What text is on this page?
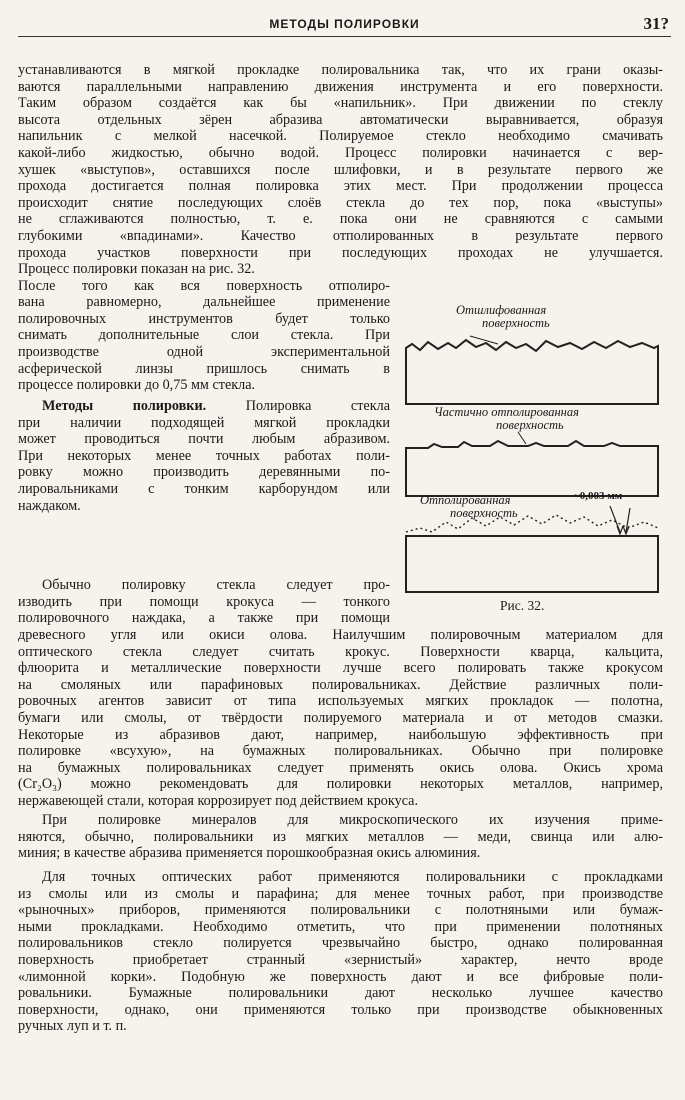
МЕТОДЫ ПОЛИРОВКИ	31?
устанавливаются в мягкой прокладке полировальника так, что их грани оказы-
ваются параллельными направлению движения инструмента и его поверхности.
Таким образом создаётся как бы «напильник». При движении по стеклу
высота отдельных зёрен абразива автоматически выравнивается, образуя
напильник с мелкой насечкой. Полируемое стекло необходимо смачивать
какой-либо жидкостью, обычно водой. Процесс полировки начинается с вер-
хушек «выступов», оставшихся после шлифовки, и в результате первого же
прохода достигается полная полировка этих мест. При продолжении процесса
происходит снятие последующих слоёв стекла до тех пор, пока «выступы»
не сглаживаются полностью, т. е. пока они не сравняются с самыми
глубокими «впадинами». Качество отполированных в результате первого
прохода участков поверхности при последующих проходах не улучшается.
Процесс полировки показан на рис. 32.
После того как вся поверхность отполиро-
вана равномерно, дальнейшее применение
полировочных инструментов будет только
снимать дополнительные слои стекла. При
производстве одной экспериментальной
асферической линзы пришлось снимать в
процессе полировки до 0,75 мм стекла.
Методы полировки. Полировка стекла
при наличии подходящей мягкой прокладки
может проводиться почти любым абразивом.
При некоторых менее точных работах поли-
ровку можно производить деревянными по-
лировальниками с тонким карборундом или
наждаком.
Обычно полировку стекла следует про-
изводить при помощи крокуса — тонкого
полировочного наждака, а также при помощи
древесного угля или окиси олова. Наилучшим полировочным материалом для
оптического стекла следует считать крокус. Поверхности кварца, кальцита,
флюорита и металлические поверхности лучше всего полировать также крокусом
на смоляных или парафиновых полировальниках. Действие различных поли-
ровочных агентов зависит от типа используемых мягких прокладок — полотна,
бумаги или смолы, от твёрдости полируемого материала и от методов смазки.
Некоторые из абразивов дают, например, наибольшую эффективность при
полировке «всухую», на бумажных полировальниках. Обычно при полировке
на бумажных полировальниках следует применять окись олова. Окись хрома
(Cr₂O₃) можно рекомендовать для полировки некоторых металлов, например,
нержавеющей стали, которая коррозирует под действием крокуса.
При полировке минералов для микроскопического их изучения приме-
няются, обычно, полировальники из мягких металлов — меди, свинца или алю-
миния; в качестве абразива применяется порошкообразная окись алюминия.
Для точных оптических работ применяются полировальники с прокладками
из смолы или из смолы и парафина; для менее точных работ, при производстве
«рыночных» приборов, применяются полировальники с полотняными или бумаж-
ными прокладками. Необходимо отметить, что при применении полотняных
полировальников стекло полируется чрезвычайно быстро, однако полированная
поверхность приобретает странный «зернистый» характер, нечто вроде
«лимонной корки». Подобную же поверхность дают и все фибровые поли-
ровальники. Бумажные полировальники дают несколько лучшее качество
поверхности, однако, они применяются только при производстве обыкновенных
ручных луп и т. п.
Отшлифованная
поверхность
Частично отполированная
поверхность
Отполированная
поверхность
~0,003 мм
Рис. 32.
